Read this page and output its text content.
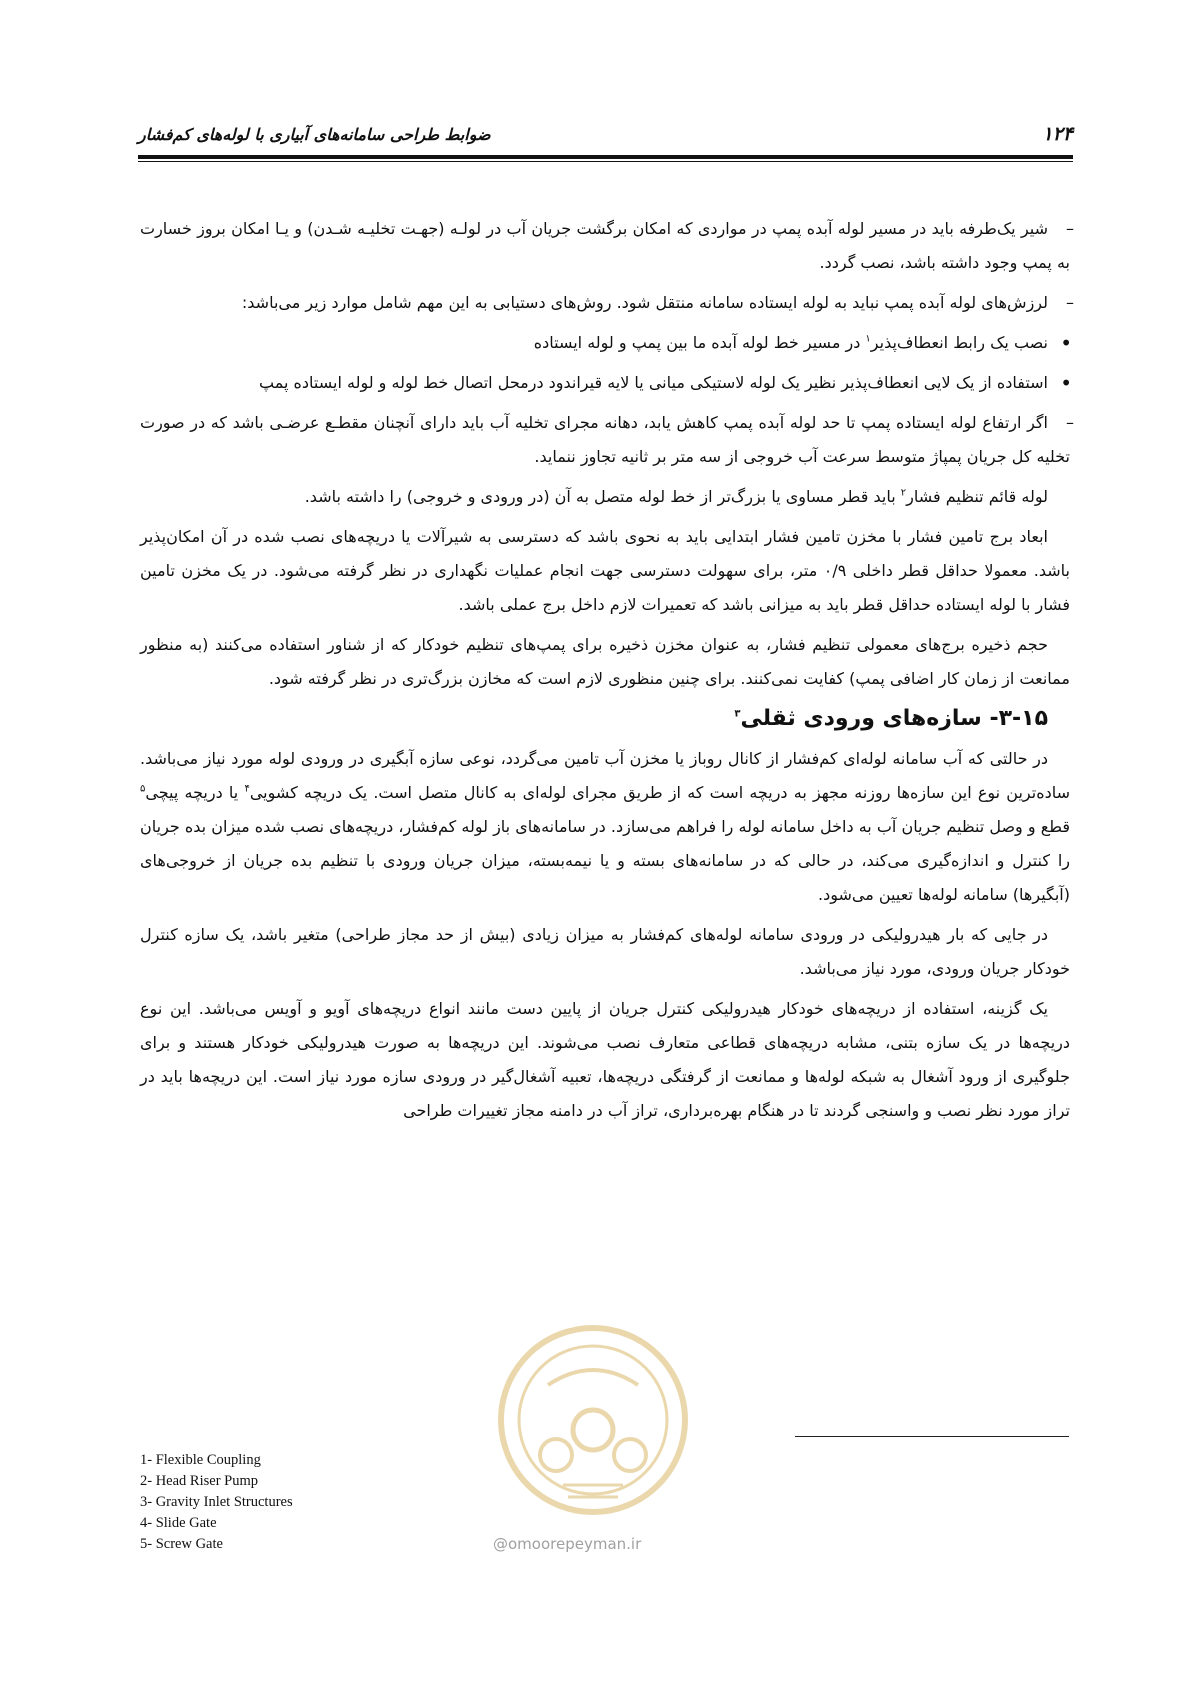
۱۲۴
ضوابط طراحی سامانه‌های آبیاری با لوله‌های کم‌فشار

– شیر یک‌طرفه باید در مسیر لوله آبده پمپ در مواردی که امکان برگشت جریان آب در لولـه (جهـت تخلیـه شـدن) و یـا امکان بروز خسارت به پمپ وجود داشته باشد، نصب گردد.

– لرزش‌های لوله آبده پمپ نباید به لوله ایستاده سامانه منتقل شود. روش‌های دستیابی به این مهم شامل موارد زیر می‌باشد:

• نصب یک رابط انعطاف‌پذیر$^۱$ در مسیر خط لوله آبده ما بین پمپ و لوله ایستاده

• استفاده از یک لایی انعطاف‌پذیر نظیر یک لوله لاستیکی میانی یا لایه قیراندود درمحل اتصال خط لوله و لوله ایستاده پمپ

– اگر ارتفاع لوله ایستاده پمپ تا حد لوله آبده پمپ کاهش یابد، دهانه مجرای تخلیه آب باید دارای آنچنان مقطـع عرضـی باشد که در صورت تخلیه کل جریان پمپاژ متوسط سرعت آب خروجی از سه متر بر ثانیه تجاوز ننماید.

لوله قائم تنظیم فشار$^۲$ باید قطر مساوی یا بزرگ‌تر از خط لوله متصل به آن (در ورودی و خروجی) را داشته باشد.

ابعاد برج تامین فشار با مخزن تامین فشار ابتدایی باید به نحوی باشد که دسترسی به شیرآلات یا دریچه‌های نصب شده در آن امکان‌پذیر باشد. معمولا حداقل قطر داخلی ۰/۹ متر، برای سهولت دسترسی جهت انجام عملیات نگهداری در نظر گرفته می‌شود. در یک مخزن تامین فشار با لوله ایستاده حداقل قطر باید به میزانی باشد که تعمیرات لازم داخل برج عملی باشد.

حجم ذخیره برج‌های معمولی تنظیم فشار، به عنوان مخزن ذخیره برای پمپ‌های تنظیم خودکار که از شناور استفاده می‌کنند (به منظور ممانعت از زمان کار اضافی پمپ) کفایت نمی‌کنند. برای چنین منظوری لازم است که مخازن بزرگ‌تری در نظر گرفته شود.

۳-۱۵- سازه‌های ورودی ثقلی$^۳$

در حالتی که آب سامانه لوله‌ای کم‌فشار از کانال روباز یا مخزن آب تامین می‌گردد، نوعی سازه آبگیری در ورودی لوله مورد نیاز می‌باشد. ساده‌ترین نوع این سازه‌ها روزنه مجهز به دریچه است که از طریق مجرای لوله‌ای به کانال متصل است. یک دریچه کشویی$^۴$ یا دریچه پیچی$^۵$ قطع و وصل تنظیم جریان آب به داخل سامانه لوله را فراهم می‌سازد. در سامانه‌های باز لوله کم‌فشار، دریچه‌های نصب شده میزان بده جریان را کنترل و اندازه‌گیری می‌کند، در حالی که در سامانه‌های بسته و یا نیمه‌بسته، میزان جریان ورودی با تنظیم بده جریان از خروجی‌های (آبگیرها) سامانه لوله‌ها تعیین می‌شود.

در جایی که بار هیدرولیکی در ورودی سامانه لوله‌های کم‌فشار به میزان زیادی (بیش از حد مجاز طراحی) متغیر باشد، یک سازه کنترل خودکار جریان ورودی، مورد نیاز می‌باشد.

یک گزینه، استفاده از دریچه‌های خودکار هیدرولیکی کنترل جریان از پایین دست مانند انواع دریچه‌های آویو و آویس می‌باشد. این نوع دریچه‌ها در یک سازه بتنی، مشابه دریچه‌های قطاعی متعارف نصب می‌شوند. این دریچه‌ها به صورت هیدرولیکی خودکار هستند و برای جلوگیری از ورود آشغال به شبکه لوله‌ها و ممانعت از گرفتگی دریچه‌ها، تعبیه آشغال‌گیر در ورودی سازه مورد نیاز است. این دریچه‌ها باید در تراز مورد نظر نصب و واسنجی گردند تا در هنگام بهره‌برداری، تراز آب در دامنه مجاز تغییرات طراحی

1- Flexible Coupling
2- Head Riser Pump
3- Gravity Inlet Structures
4- Slide Gate
5- Screw Gate	@omoorepeyman.ir
